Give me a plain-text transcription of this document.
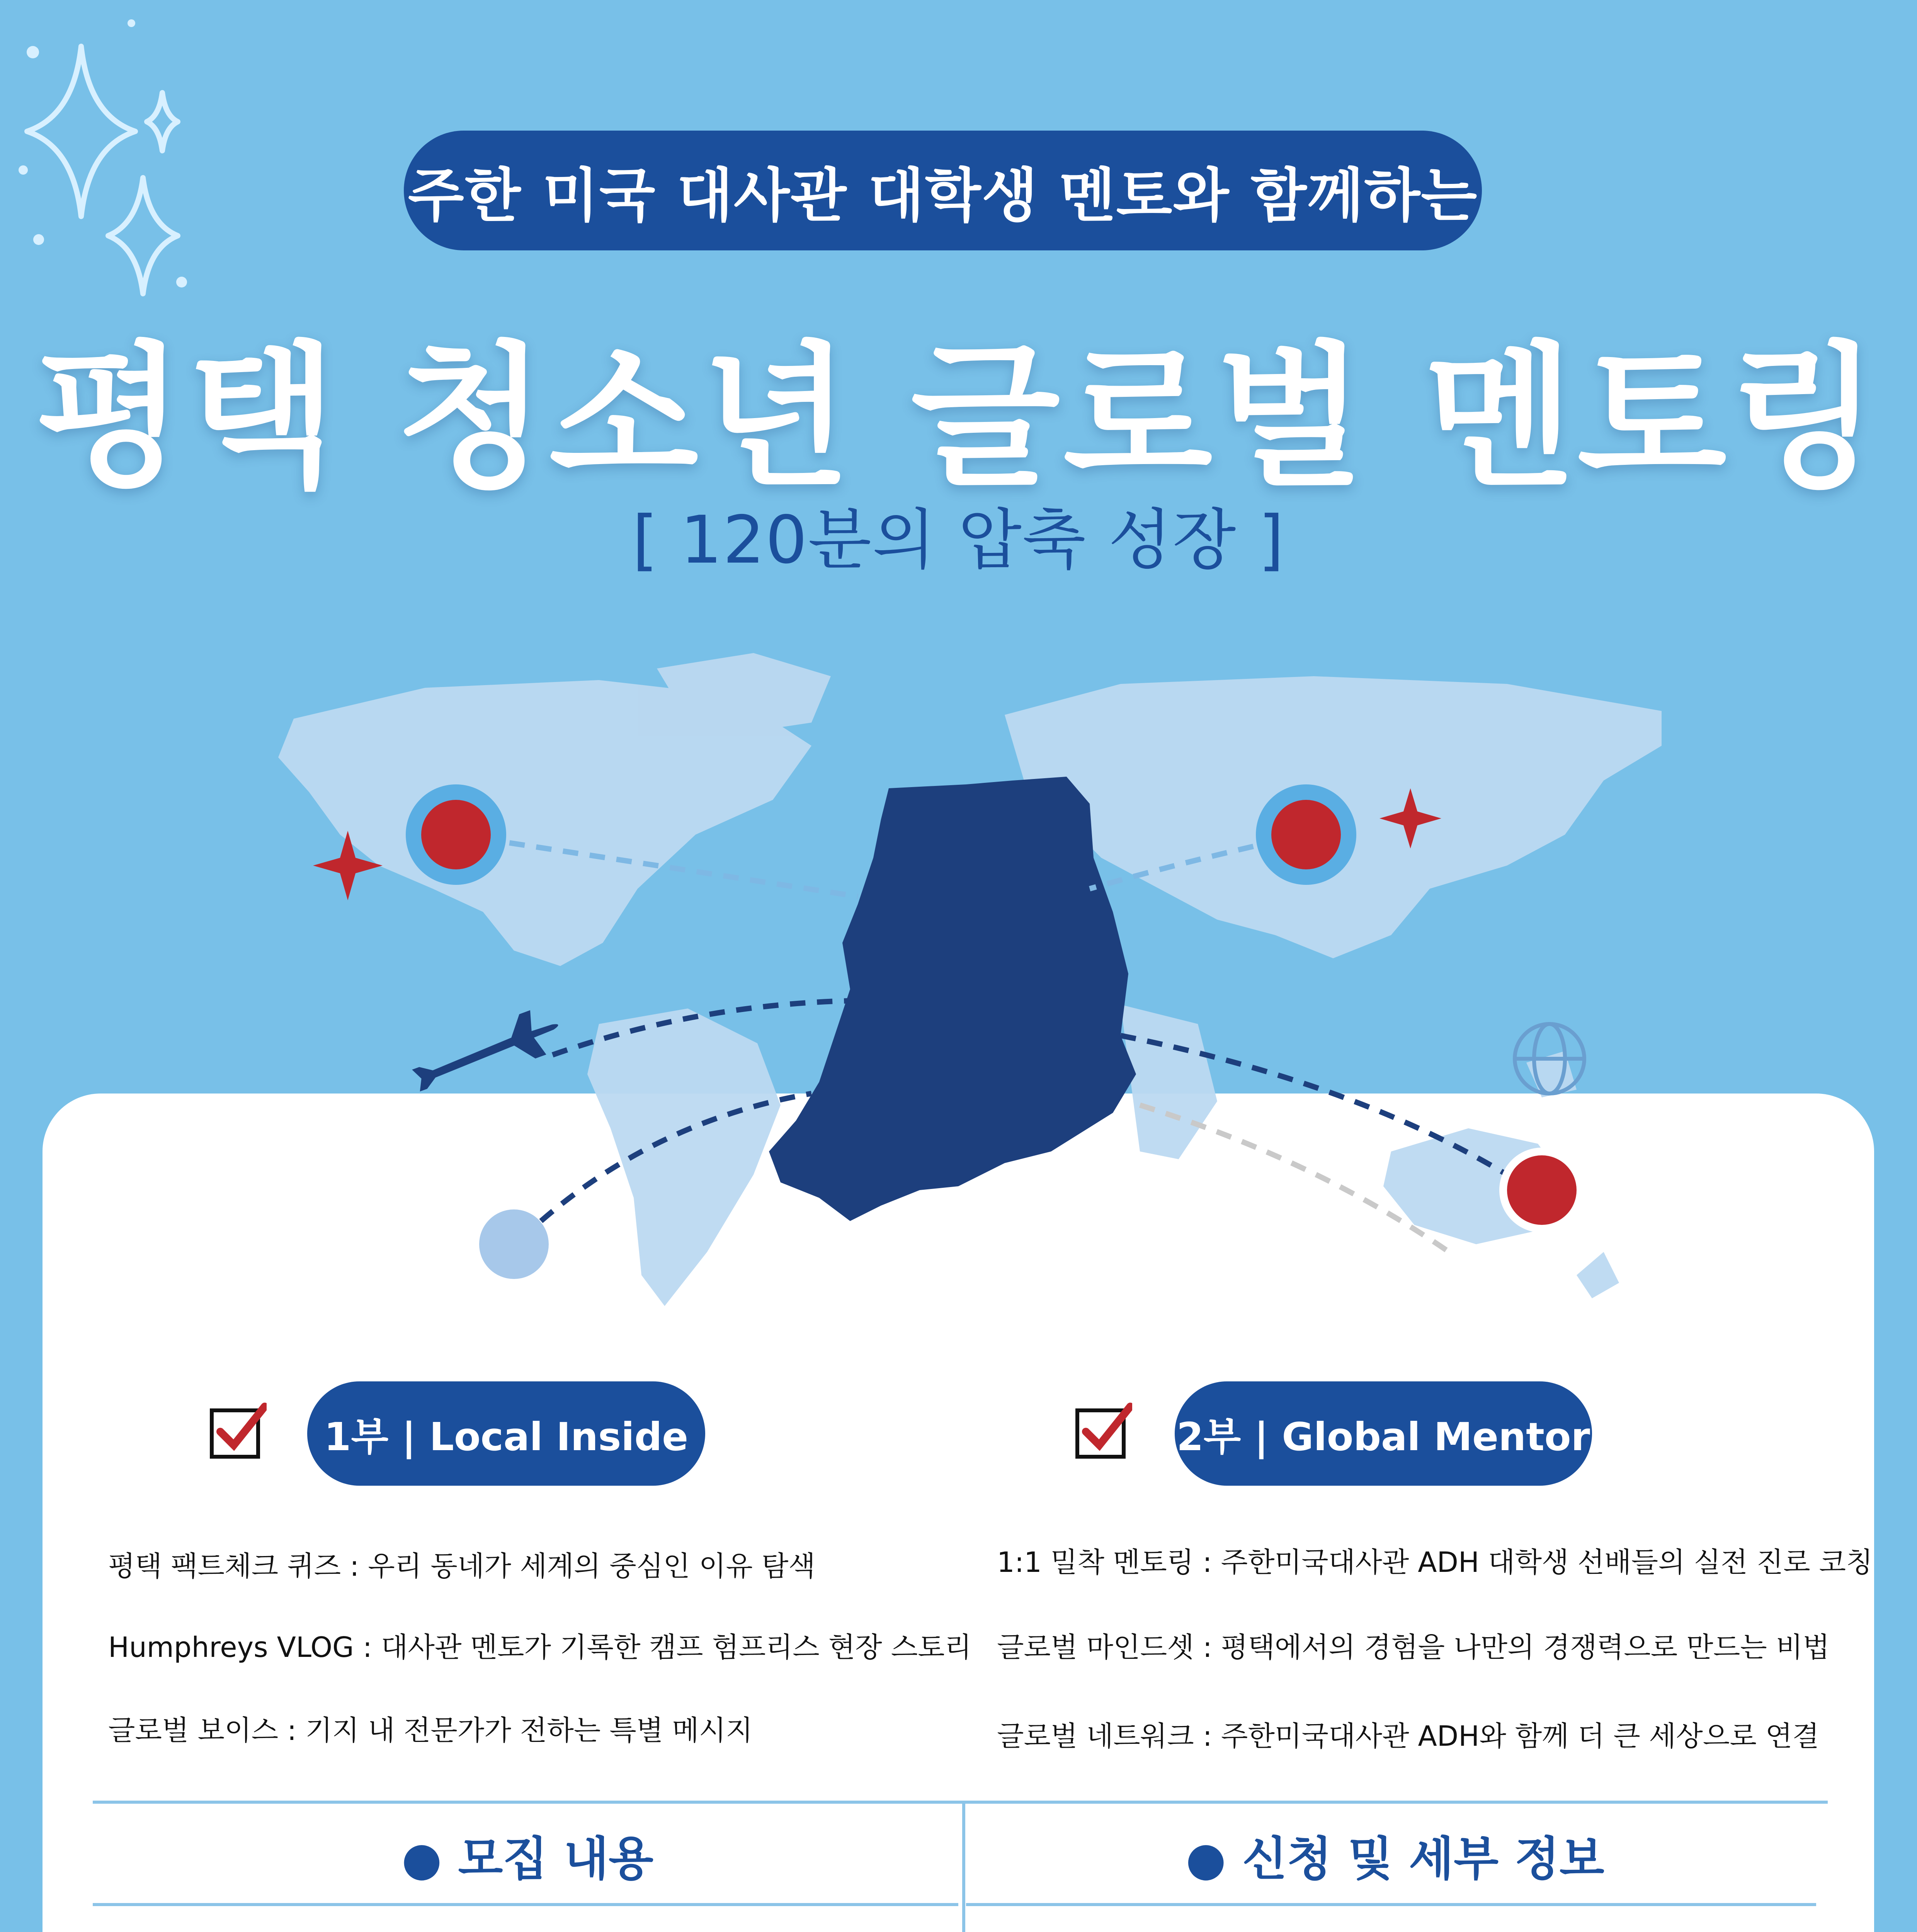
주한 미국 대사관 대학생 멘토와 함께하는
평택 청소년 글로벌 멘토링
[ 120분의 압축 성장 ]
1부 | Local Inside
평택 팩트체크 퀴즈 : 우리 동네가 세계의 중심인 이유 탐색
Humphreys VLOG : 대사관 멘토가 기록한 캠프 험프리스 현장 스토리
글로벌 보이스 : 기지 내 전문가가 전하는 특별 메시지
2부 | Global Mentor
1:1 밀착 멘토링 : 주한미국대사관 ADH 대학생 선배들의 실전 진로 코칭
글로벌 마인드셋 : 평택에서의 경험을 나만의 경쟁력으로 만드는 비법
글로벌 네트워크 : 주한미국대사관 ADH와 함께 더 큰 세상으로 연결
● 모집 내용	● 신청 및 세부 정보
